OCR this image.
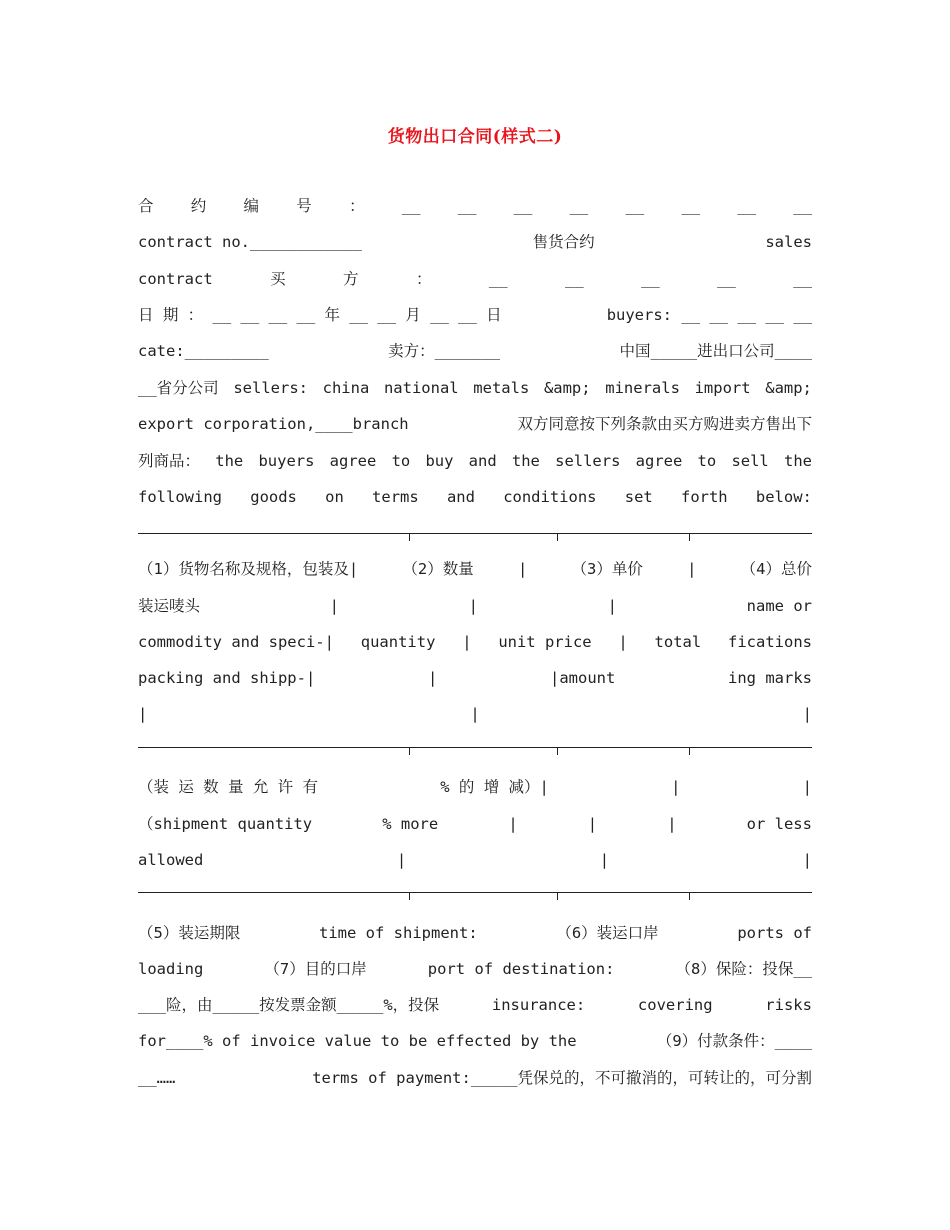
货物出口合同(样式二)
合 约 编 号 ： __ __ __ __ __ __ __ __
contract no.____________	售货合约	sales
contract	买	方	：	__	__	__	__	__
日 期 ： __ __ __ __ 年 __ __ 月 __ __ 日	buyers: __ __ __ __ __
cate:_________	卖方：_______	中国_____进出口公司____
__省分公司 sellers: china national metals &amp; minerals import &amp;
export corporation,____branch	双方同意按下列条款由买方购进卖方售出下
列商品： the buyers agree to buy and the sellers agree to sell the
following goods on terms and conditions set forth below:
（1）货物名称及规格，包装及|	（2）数量	|	（3）单价	|	（4）总价
装运唛头	|	|	|	name or
commodity and speci-| quantity | unit price | total fications
packing and shipp-|	|	|amount	ing marks
|	|	|
（装 运 数 量 允 许 有	% 的 增 减）|	|	|
（shipment quantity	% more	|	|	|	or less
allowed	|	|	|
（5）装运期限	time of shipment:	（6）装运口岸	ports of
loading	（7）目的口岸	port of destination:	（8）保险：投保__
___险，由_____按发票金额_____%，投保	insurance:	covering	risks
for____% of invoice value to be effected by the	（9）付款条件：____
__……	terms of payment:_____凭保兑的，不可撤消的，可转让的，可分割
